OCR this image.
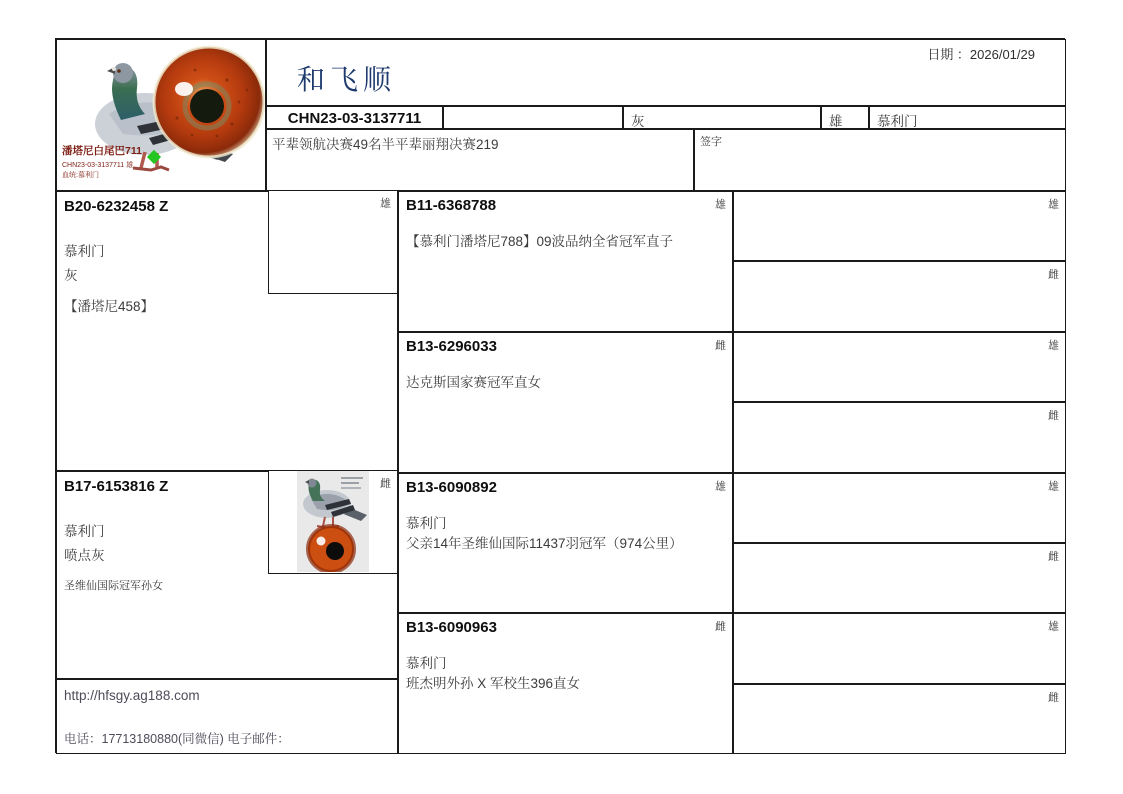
潘塔尼白尾巴711
CHN23-03-3137711 雄
血统:慕利门
和飞顺
日期 ：2026/01/29
CHN23-03-3137711	灰	雄	慕利门
平辈领航决赛49名半平辈丽翔决赛219	签字
B20-6232458 Z
慕利门
灰
【潘塔尼458】
雄
B17-6153816 Z
慕利门
喷点灰
圣维仙国际冠军孙女
雌
http://hfsgy.ag188.com
电话：17713180880(同微信) 电子邮件：
B11-6368788	雄
【慕利门潘塔尼788】09波品纳全省冠军直子
B13-6296033	雌
达克斯国家赛冠军直女
B13-6090892	雄
慕利门
父亲14年圣维仙国际11437羽冠军（974公里）
B13-6090963	雌
慕利门
班杰明外孙 X 军校生396直女
雄
雌
雄
雌
雄
雌
雄
雌
